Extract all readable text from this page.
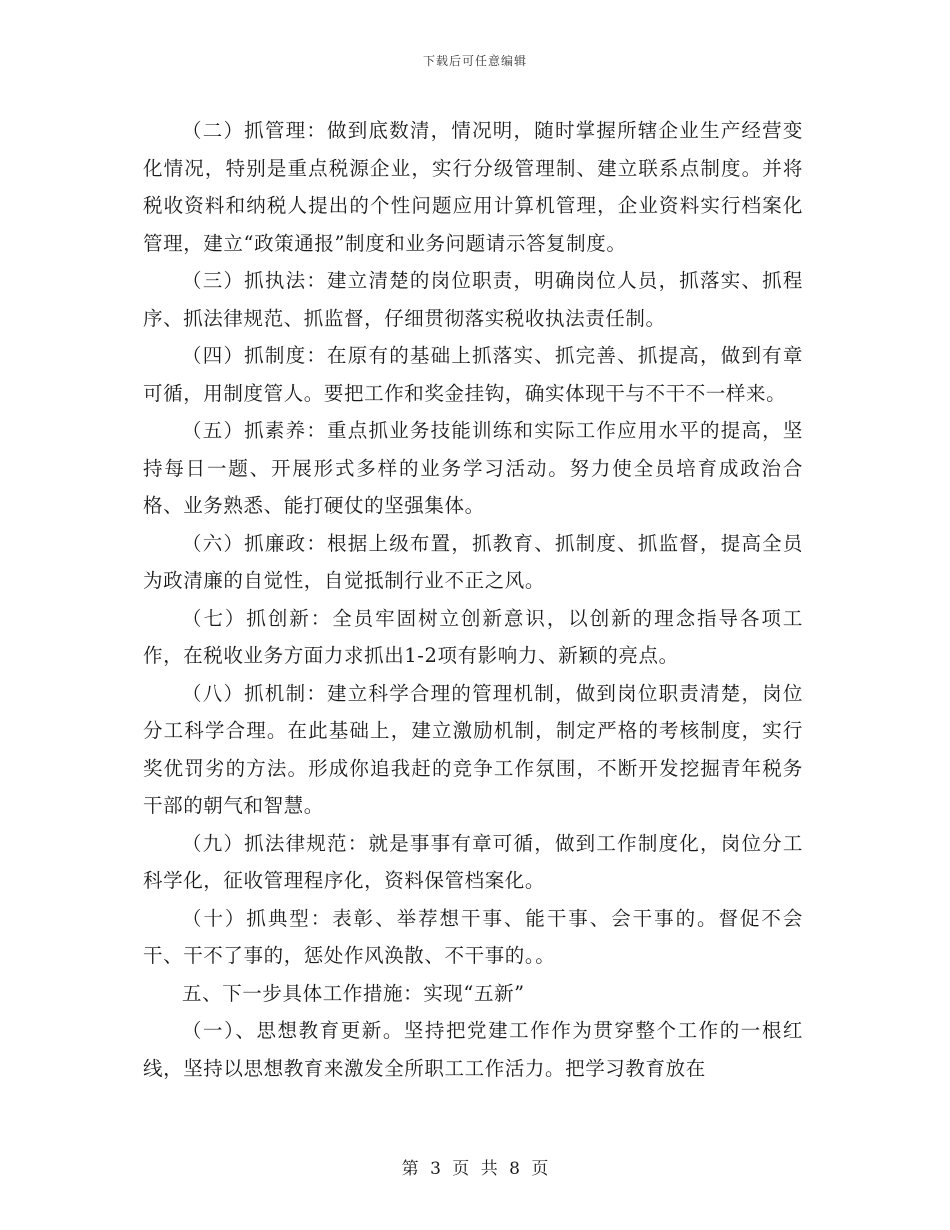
下载后可任意编辑

（二）抓管理：做到底数清，情况明，随时掌握所辖企业生产经营变化情况，特别是重点税源企业，实行分级管理制、建立联系点制度。并将税收资料和纳税人提出的个性问题应用计算机管理，企业资料实行档案化管理，建立“政策通报”制度和业务问题请示答复制度。

（三）抓执法：建立清楚的岗位职责，明确岗位人员，抓落实、抓程序、抓法律规范、抓监督，仔细贯彻落实税收执法责任制。

（四）抓制度：在原有的基础上抓落实、抓完善、抓提高，做到有章可循，用制度管人。要把工作和奖金挂钩，确实体现干与不干不一样来。

（五）抓素养：重点抓业务技能训练和实际工作应用水平的提高，坚持每日一题、开展形式多样的业务学习活动。努力使全员培育成政治合格、业务熟悉、能打硬仗的坚强集体。

（六）抓廉政：根据上级布置，抓教育、抓制度、抓监督，提高全员为政清廉的自觉性，自觉抵制行业不正之风。

（七）抓创新：全员牢固树立创新意识，以创新的理念指导各项工作，在税收业务方面力求抓出1-2项有影响力、新颖的亮点。

（八）抓机制：建立科学合理的管理机制，做到岗位职责清楚，岗位分工科学合理。在此基础上，建立激励机制，制定严格的考核制度，实行奖优罚劣的方法。形成你追我赶的竞争工作氛围，不断开发挖掘青年税务干部的朝气和智慧。

（九）抓法律规范：就是事事有章可循，做到工作制度化，岗位分工科学化，征收管理程序化，资料保管档案化。

（十）抓典型：表彰、举荐想干事、能干事、会干事的。督促不会干、干不了事的，惩处作风涣散、不干事的。。

五、下一步具体工作措施：实现“五新”

（一）、思想教育更新。坚持把党建工作作为贯穿整个工作的一根红线，坚持以思想教育来激发全所职工工作活力。把学习教育放在

第 3 页 共 8 页
